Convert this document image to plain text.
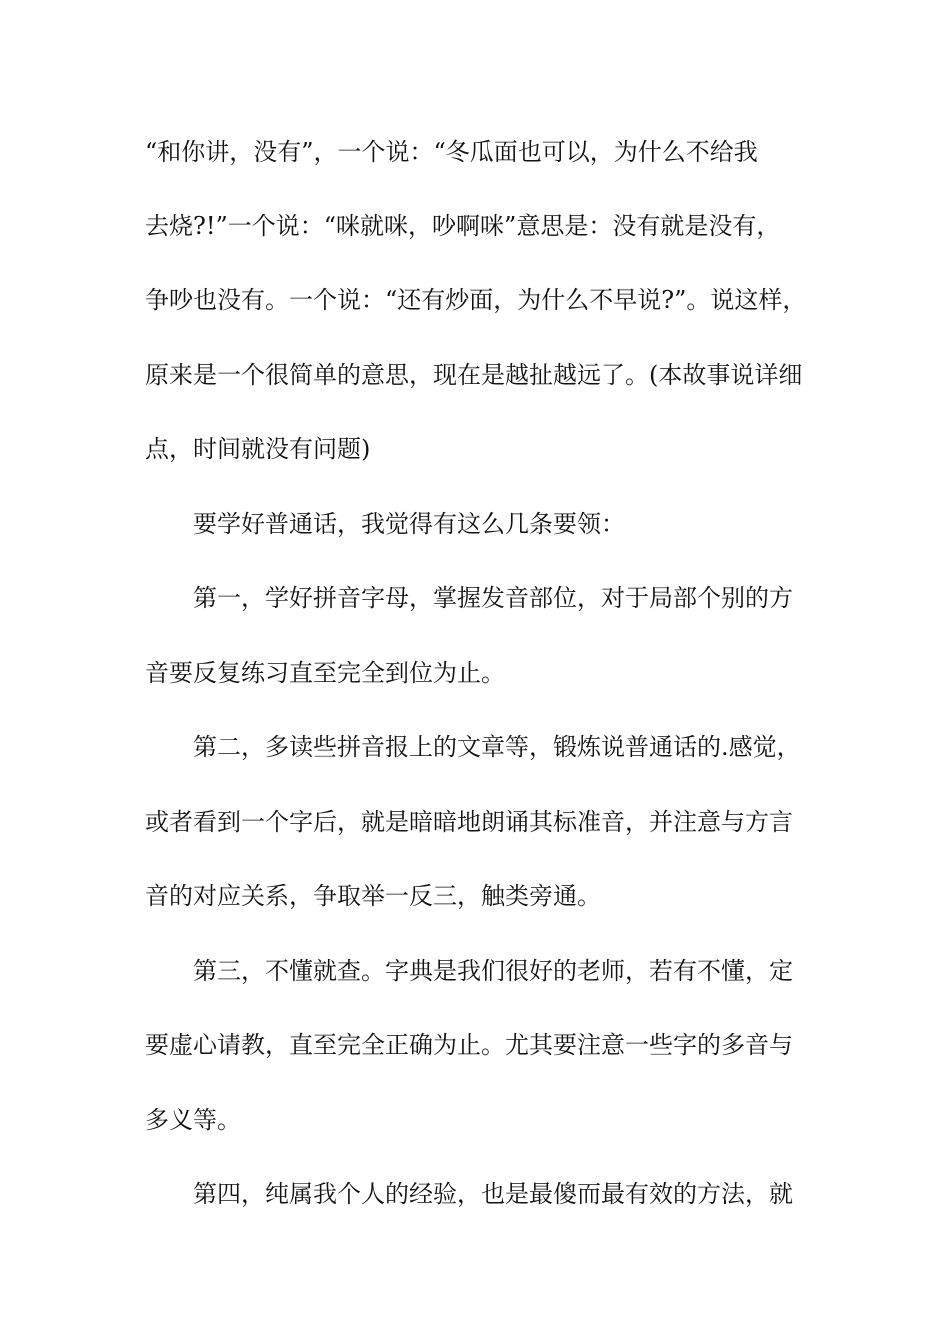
“和你讲，没有”，一个说：“冬瓜面也可以，为什么不给我

去烧?!”一个说：“咪就咪，吵啊咪”意思是：没有就是没有，

争吵也没有。一个说：“还有炒面，为什么不早说?”。说这样，

原来是一个很简单的意思，现在是越扯越远了。(本故事说详细

点，时间就没有问题)

要学好普通话，我觉得有这么几条要领：

第一，学好拼音字母，掌握发音部位，对于局部个别的方

音要反复练习直至完全到位为止。

第二，多读些拼音报上的文章等，锻炼说普通话的.感觉，

或者看到一个字后，就是暗暗地朗诵其标准音，并注意与方言

音的对应关系，争取举一反三，触类旁通。

第三，不懂就查。字典是我们很好的老师，若有不懂，定

要虚心请教，直至完全正确为止。尤其要注意一些字的多音与

多义等。

第四，纯属我个人的经验，也是最傻而最有效的方法，就
